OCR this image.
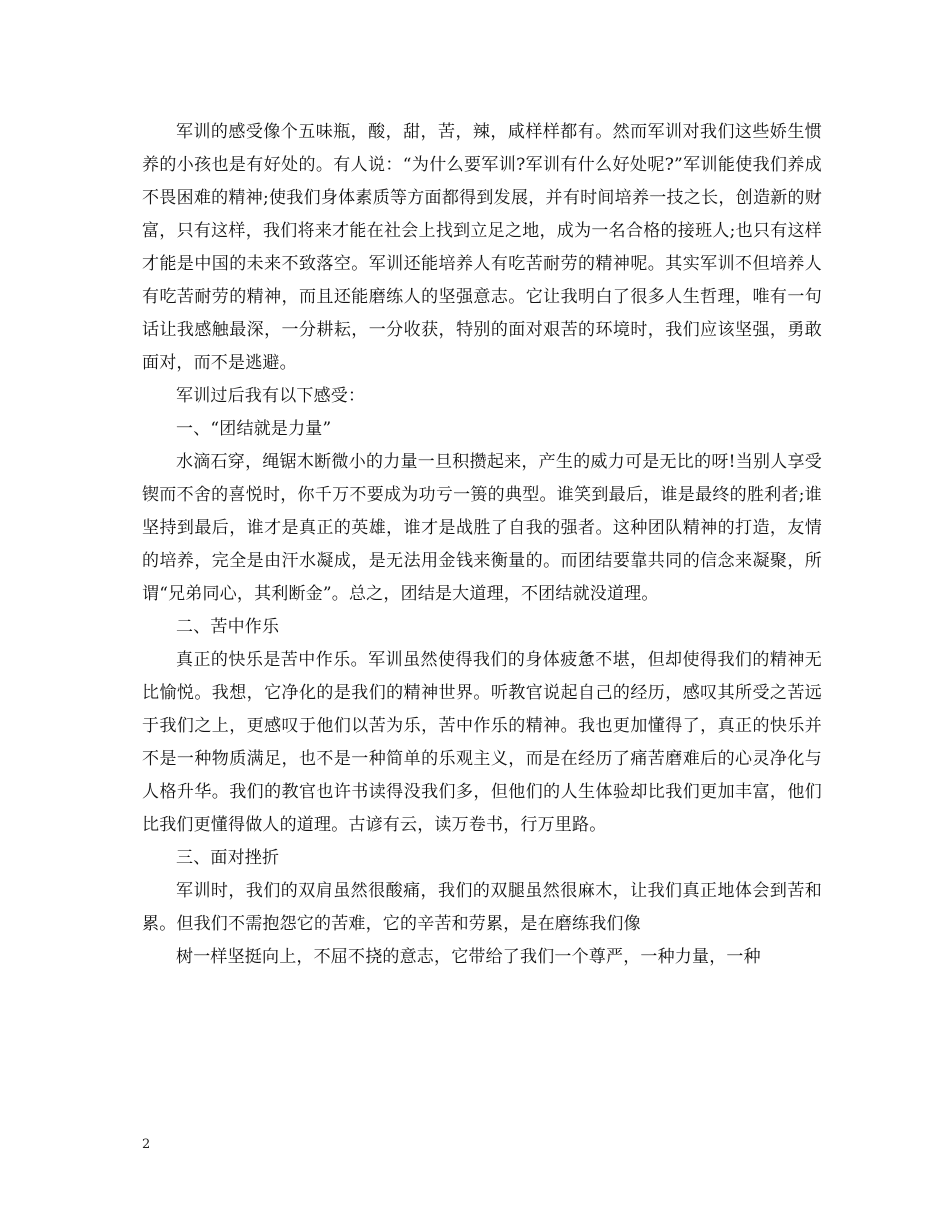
军训的感受像个五味瓶，酸，甜，苦，辣，咸样样都有。然而军训对我们这些娇生惯养的小孩也是有好处的。有人说：“为什么要军训?军训有什么好处呢?”军训能使我们养成不畏困难的精神;使我们身体素质等方面都得到发展，并有时间培养一技之长，创造新的财富，只有这样，我们将来才能在社会上找到立足之地，成为一名合格的接班人;也只有这样才能是中国的未来不致落空。军训还能培养人有吃苦耐劳的精神呢。其实军训不但培养人有吃苦耐劳的精神，而且还能磨练人的坚强意志。它让我明白了很多人生哲理，唯有一句话让我感触最深，一分耕耘，一分收获，特别的面对艰苦的环境时，我们应该坚强，勇敢面对，而不是逃避。

军训过后我有以下感受：

一、“团结就是力量”

水滴石穿，绳锯木断微小的力量一旦积攒起来，产生的威力可是无比的呀!当别人享受锲而不舍的喜悦时，你千万不要成为功亏一篑的典型。谁笑到最后，谁是最终的胜利者;谁坚持到最后，谁才是真正的英雄，谁才是战胜了自我的强者。这种团队精神的打造，友情的培养，完全是由汗水凝成，是无法用金钱来衡量的。而团结要靠共同的信念来凝聚，所谓“兄弟同心，其利断金”。总之，团结是大道理，不团结就没道理。

二、苦中作乐

真正的快乐是苦中作乐。军训虽然使得我们的身体疲惫不堪，但却使得我们的精神无比愉悦。我想，它净化的是我们的精神世界。听教官说起自己的经历，感叹其所受之苦远于我们之上，更感叹于他们以苦为乐，苦中作乐的精神。我也更加懂得了，真正的快乐并不是一种物质满足，也不是一种简单的乐观主义，而是在经历了痛苦磨难后的心灵净化与人格升华。我们的教官也许书读得没我们多，但他们的人生体验却比我们更加丰富，他们比我们更懂得做人的道理。古谚有云，读万卷书，行万里路。

三、面对挫折

军训时，我们的双肩虽然很酸痛，我们的双腿虽然很麻木，让我们真正地体会到苦和累。但我们不需抱怨它的苦难，它的辛苦和劳累，是在磨练我们像

树一样坚挺向上，不屈不挠的意志，它带给了我们一个尊严，一种力量，一种

2
